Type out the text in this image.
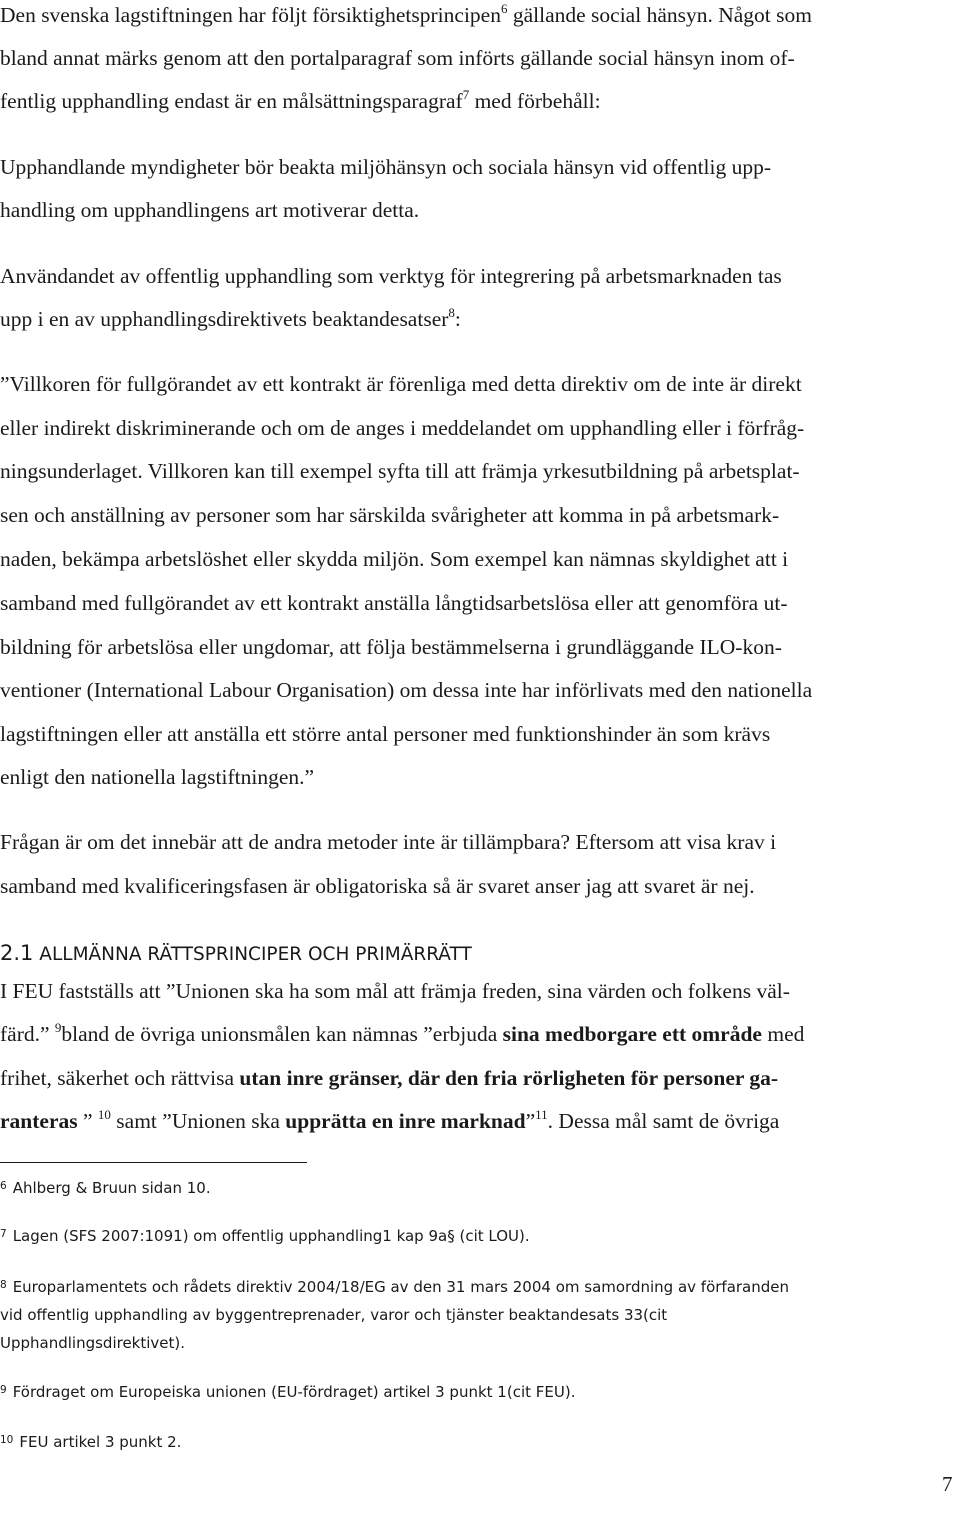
Den svenska lagstiftningen har följt försiktighetsprincipen$^6$ gällande social hänsyn. Något som
bland annat märks genom att den portalparagraf som införts gällande social hänsyn inom of-
fentlig upphandling endast är en målsättningsparagraf$^7$ med förbehåll:
Upphandlande myndigheter bör beakta miljöhänsyn och sociala hänsyn vid offentlig upp-
handling om upphandlingens art motiverar detta.
Användandet av offentlig upphandling som verktyg för integrering på arbetsmarknaden tas
upp i en av upphandlingsdirektivets beaktandesatser$^8$:
”Villkoren för fullgörandet av ett kontrakt är förenliga med detta direktiv om de inte är direkt
eller indirekt diskriminerande och om de anges i meddelandet om upphandling eller i förfråg-
ningsunderlaget. Villkoren kan till exempel syfta till att främja yrkesutbildning på arbetsplat-
sen och anställning av personer som har särskilda svårigheter att komma in på arbetsmark-
naden, bekämpa arbetslöshet eller skydda miljön. Som exempel kan nämnas skyldighet att i
samband med fullgörandet av ett kontrakt anställa långtidsarbetslösa eller att genomföra ut-
bildning för arbetslösa eller ungdomar, att följa bestämmelserna i grundläggande ILO-kon-
ventioner (International Labour Organisation) om dessa inte har införlivats med den nationella
lagstiftningen eller att anställa ett större antal personer med funktionshinder än som krävs
enligt den nationella lagstiftningen.”
Frågan är om det innebär att de andra metoder inte är tillämpbara? Eftersom att visa krav i
samband med kvalificeringsfasen är obligatoriska så är svaret anser jag att svaret är nej.
2.1 ALLMÄNNA RÄTTSPRINCIPER OCH PRIMÄRRÄTT
I FEU fastställs att ”Unionen ska ha som mål att främja freden, sina värden och folkens väl-
färd.” $^9$bland de övriga unionsmålen kan nämnas ”erbjuda sina medborgare ett område med
frihet, säkerhet och rättvisa utan inre gränser, där den fria rörligheten för personer ga-
ranteras ” $^{10}$ samt ”Unionen ska upprätta en inre marknad”$^{11}$. Dessa mål samt de övriga
$^6$ Ahlberg & Bruun sidan 10.
$^7$ Lagen (SFS 2007:1091) om offentlig upphandling1 kap 9a§ (cit LOU).
$^8$ Europarlamentets och rådets direktiv 2004/18/EG av den 31 mars 2004 om samordning av förfaranden
vid offentlig upphandling av byggentreprenader, varor och tjänster beaktandesats 33(cit
Upphandlingsdirektivet).
$^9$ Fördraget om Europeiska unionen (EU-fördraget) artikel 3 punkt 1(cit FEU).
$^{10}$ FEU artikel 3 punkt 2.
7
